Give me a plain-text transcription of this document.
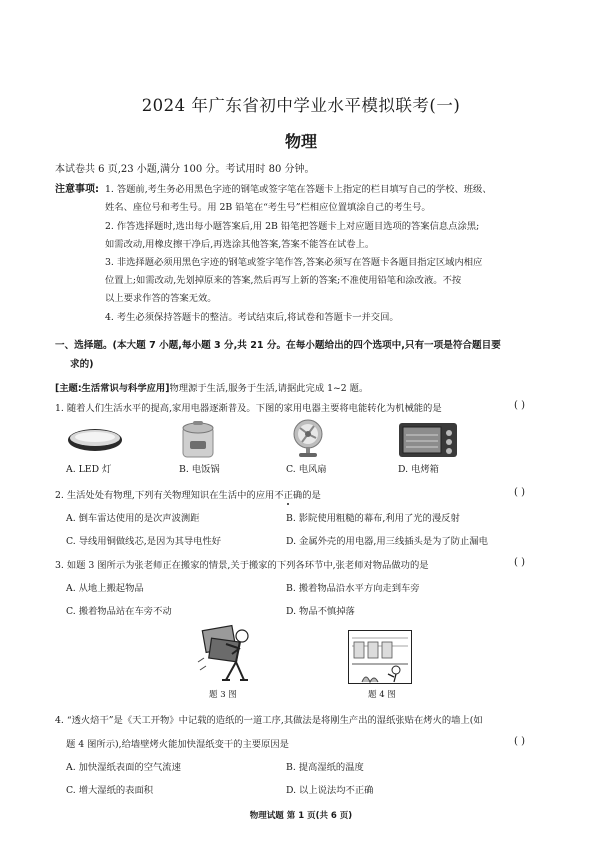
2024 年广东省初中学业水平模拟联考(一)
物理
本试卷共 6 页,23 小题,满分 100 分。考试用时 80 分钟。
注意事项: 1. 答题前,考生务必用黑色字迹的钢笔或签字笔在答题卡上指定的栏目填写自己的学校、班级、
姓名、座位号和考生号。用 2B 铅笔在“考生号”栏相应位置填涂自己的考生号。
2. 作答选择题时,选出每小题答案后,用 2B 铅笔把答题卡上对应题目选项的答案信息点涂黑;
如需改动,用橡皮擦干净后,再选涂其他答案,答案不能答在试卷上。
3. 非选择题必须用黑色字迹的钢笔或签字笔作答,答案必须写在答题卡各题目指定区域内相应
位置上;如需改动,先划掉原来的答案,然后再写上新的答案;不准使用铅笔和涂改液。不按
以上要求作答的答案无效。
4. 考生必须保持答题卡的整洁。考试结束后,将试卷和答题卡一并交回。
一、选择题。(本大题 7 小题,每小题 3 分,共 21 分。在每小题给出的四个选项中,只有一项是符合题目要
求的)
[主题:生活常识与科学应用]物理源于生活,服务于生活,请据此完成 1~2 题。
1. 随着人们生活水平的提高,家用电器逐渐普及。下图的家用电器主要将电能转化为机械能的是	( )
A. LED 灯	B. 电饭锅	C. 电风扇	D. 电烤箱
2. 生活处处有物理,下列有关物理知识在生活中的应用不正确的是	( )
A. 倒车雷达使用的是次声波测距	B. 影院使用粗糙的幕布,利用了光的漫反射
C. 导线用铜做线芯,是因为其导电性好	D. 金属外壳的用电器,用三线插头是为了防止漏电
3. 如题 3 图所示为张老师正在搬家的情景,关于搬家的下列各环节中,张老师对物品做功的是	( )
A. 从地上搬起物品	B. 搬着物品沿水平方向走到车旁
C. 搬着物品站在车旁不动	D. 物品不慎掉落
题 3 图	题 4 图
4. “透火焙干”是《天工开物》中记载的造纸的一道工序,其做法是将刚生产出的湿纸张贴在烤火的墙上(如
题 4 图所示),给墙壁烤火能加快湿纸变干的主要原因是	( )
A. 加快湿纸表面的空气流速	B. 提高湿纸的温度
C. 增大湿纸的表面积	D. 以上说法均不正确
物理试题 第 1 页(共 6 页)
